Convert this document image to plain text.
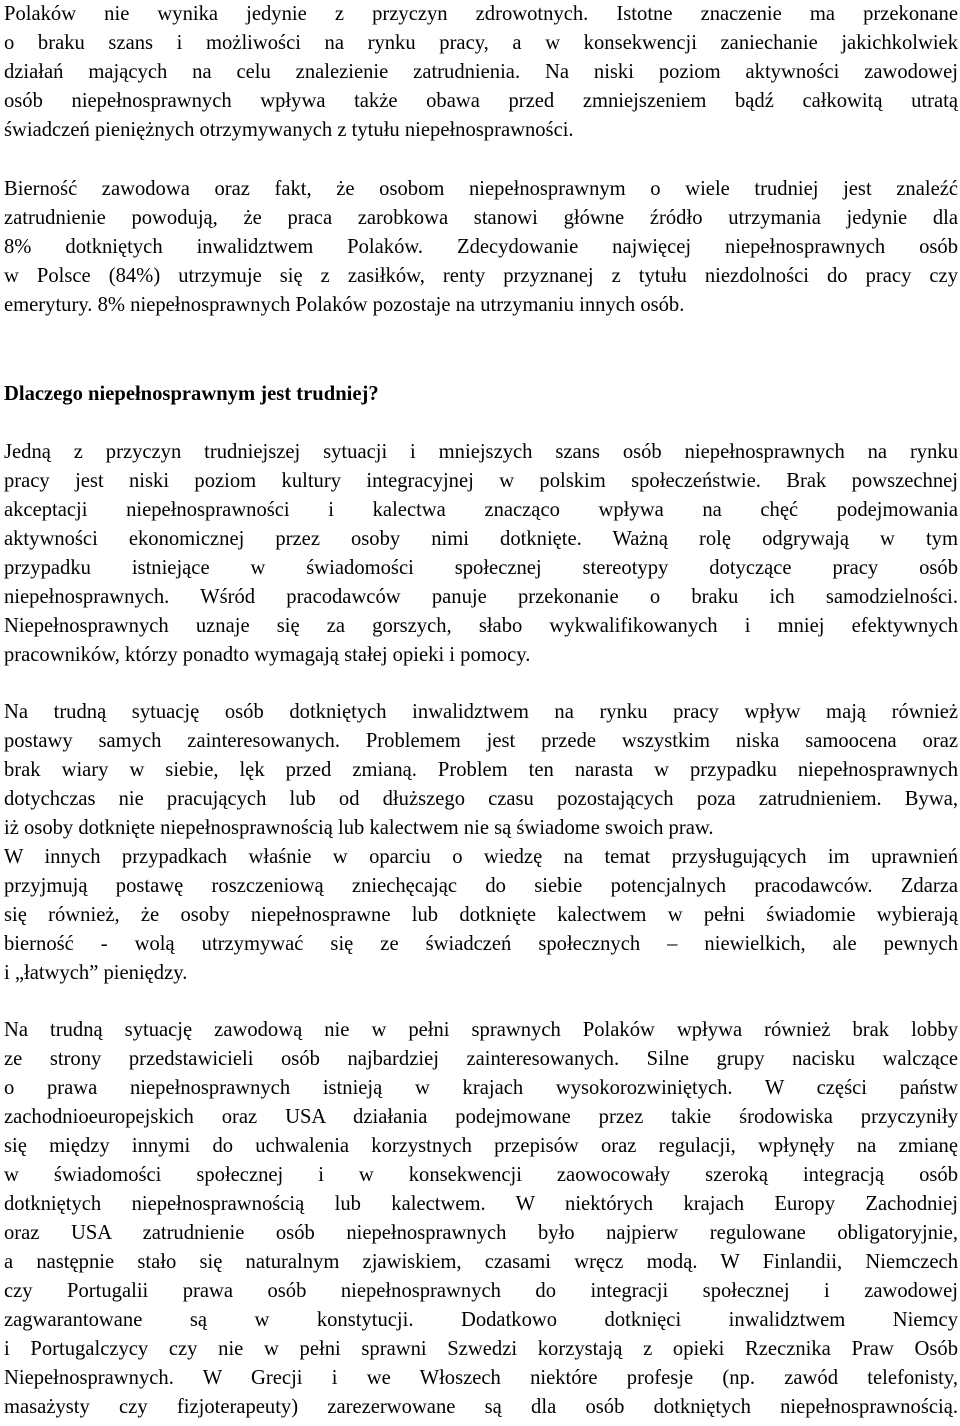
Polaków nie wynika jedynie z przyczyn zdrowotnych. Istotne znaczenie ma przekonane
o braku szans i możliwości na rynku pracy, a w konsekwencji zaniechanie jakichkolwiek
działań mających na celu znalezienie zatrudnienia. Na niski poziom aktywności zawodowej
osób niepełnosprawnych wpływa także obawa przed zmniejszeniem bądź całkowitą utratą
świadczeń pieniężnych otrzymywanych z tytułu niepełnosprawności.
Bierność zawodowa oraz fakt, że osobom niepełnosprawnym o wiele trudniej jest znaleźć
zatrudnienie powodują, że praca zarobkowa stanowi główne źródło utrzymania jedynie dla
8% dotkniętych inwalidztwem Polaków. Zdecydowanie najwięcej niepełnosprawnych osób
w Polsce (84%) utrzymuje się z zasiłków, renty przyznanej z tytułu niezdolności do pracy czy
emerytury. 8% niepełnosprawnych Polaków pozostaje na utrzymaniu innych osób.
Dlaczego niepełnosprawnym jest trudniej?
Jedną z przyczyn trudniejszej sytuacji i mniejszych szans osób niepełnosprawnych na rynku
pracy jest niski poziom kultury integracyjnej w polskim społeczeństwie. Brak powszechnej
akceptacji niepełnosprawności i kalectwa znacząco wpływa na chęć podejmowania
aktywności ekonomicznej przez osoby nimi dotknięte. Ważną rolę odgrywają w tym
przypadku istniejące w świadomości społecznej stereotypy dotyczące pracy osób
niepełnosprawnych. Wśród pracodawców panuje przekonanie o braku ich samodzielności.
Niepełnosprawnych uznaje się za gorszych, słabo wykwalifikowanych i mniej efektywnych
pracowników, którzy ponadto wymagają stałej opieki i pomocy.
Na trudną sytuację osób dotkniętych inwalidztwem na rynku pracy wpływ mają również
postawy samych zainteresowanych. Problemem jest przede wszystkim niska samoocena oraz
brak wiary w siebie, lęk przed zmianą. Problem ten narasta w przypadku niepełnosprawnych
dotychczas nie pracujących lub od dłuższego czasu pozostających poza zatrudnieniem. Bywa,
iż osoby dotknięte niepełnosprawnością lub kalectwem nie są świadome swoich praw.
W innych przypadkach właśnie w oparciu o wiedzę na temat przysługujących im uprawnień
przyjmują postawę roszczeniową zniechęcając do siebie potencjalnych pracodawców. Zdarza
się również, że osoby niepełnosprawne lub dotknięte kalectwem w pełni świadomie wybierają
bierność - wolą utrzymywać się ze świadczeń społecznych – niewielkich, ale pewnych
i „łatwych” pieniędzy.
Na trudną sytuację zawodową nie w pełni sprawnych Polaków wpływa również brak lobby
ze strony przedstawicieli osób najbardziej zainteresowanych. Silne grupy nacisku walczące
o prawa niepełnosprawnych istnieją w krajach wysokorozwiniętych. W części państw
zachodnioeuropejskich oraz USA działania podejmowane przez takie środowiska przyczyniły
się między innymi do uchwalenia korzystnych przepisów oraz regulacji, wpłynęły na zmianę
w świadomości społecznej i w konsekwencji zaowocowały szeroką integracją osób
dotkniętych niepełnosprawnością lub kalectwem. W niektórych krajach Europy Zachodniej
oraz USA zatrudnienie osób niepełnosprawnych było najpierw regulowane obligatoryjnie,
a następnie stało się naturalnym zjawiskiem, czasami wręcz modą. W Finlandii, Niemczech
czy Portugalii prawa osób niepełnosprawnych do integracji społecznej i zawodowej
zagwarantowane są w konstytucji. Dodatkowo dotknięci inwalidztwem Niemcy
i Portugalczycy czy nie w pełni sprawni Szwedzi korzystają z opieki Rzecznika Praw Osób
Niepełnosprawnych. W Grecji i we Włoszech niektóre profesje (np. zawód telefonisty,
masażysty czy fizjoterapeuty) zarezerwowane są dla osób dotkniętych niepełnosprawnością.
